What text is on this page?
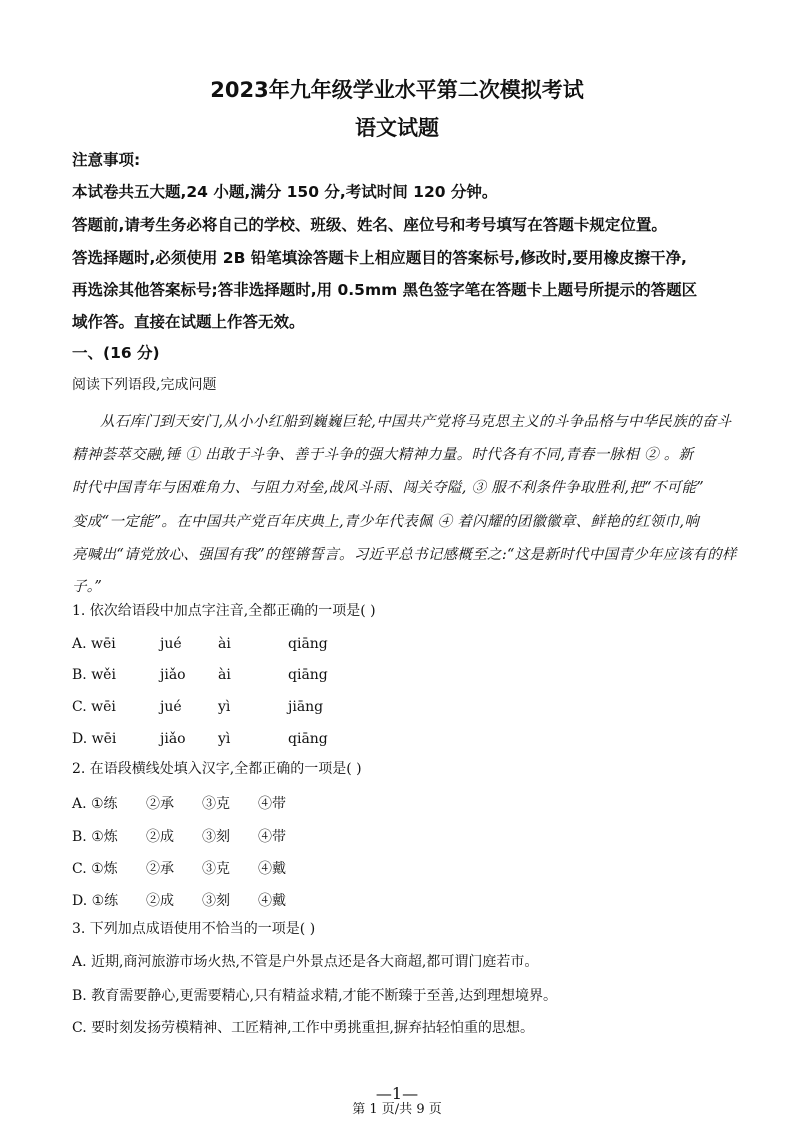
2023年九年级学业水平第二次模拟考试
语文试题
注意事项:
本试卷共五大题,24 小题,满分 150 分,考试时间 120 分钟。
答题前,请考生务必将自己的学校、班级、姓名、座位号和考号填写在答题卡规定位置。
答选择题时,必须使用 2B 铅笔填涂答题卡上相应题目的答案标号,修改时,要用橡皮擦干净,
再选涂其他答案标号;答非选择题时,用 0.5mm 黑色签字笔在答题卡上题号所提示的答题区
域作答。直接在试题上作答无效。
一、(16 分)
阅读下列语段,完成问题
从石库门到天安门,从小小红船到巍巍巨轮,中国共产党将马克思主义的斗争品格与中华民族的奋斗
精神荟萃交融,锤 ① 出敢于斗争、善于斗争的强大精神力量。时代各有不同,青春一脉相 ② 。新
时代中国青年与困难角力、与阻力对垒,战风斗雨、闯关夺隘, ③ 服不利条件争取胜利,把“不可能”
变成“一定能”。在中国共产党百年庆典上,青少年代表佩 ④ 着闪耀的团徽徽章、鲜艳的红领巾,响
亮喊出“请党放心、强国有我”的铿锵誓言。习近平总书记感概至之:“这是新时代中国青少年应该有的样
子。”
1. 依次给语段中加点字注音,全都正确的一项是( )
A. wēi	jué	ài	qiāng
B. wěi	jiǎo ài	qiāng
C. wēi	jué	yì	jiāng
D. wēi	jiǎo yì	qiāng
2. 在语段横线处填入汉字,全都正确的一项是( )
A. ①练 ②承 ③克 ④带
B. ①炼 ②成 ③刻 ④带
C. ①炼 ②承 ③克 ④戴
D. ①练 ②成 ③刻 ④戴
3. 下列加点成语使用不恰当的一项是( )
A. 近期,商河旅游市场火热,不管是户外景点还是各大商超,都可谓门庭若市。
B. 教育需要静心,更需要精心,只有精益求精,才能不断臻于至善,达到理想境界。
C. 要时刻发扬劳模精神、工匠精神,工作中勇挑重担,摒弃拈轻怕重的思想。
—1—
第 1 页/共 9 页
